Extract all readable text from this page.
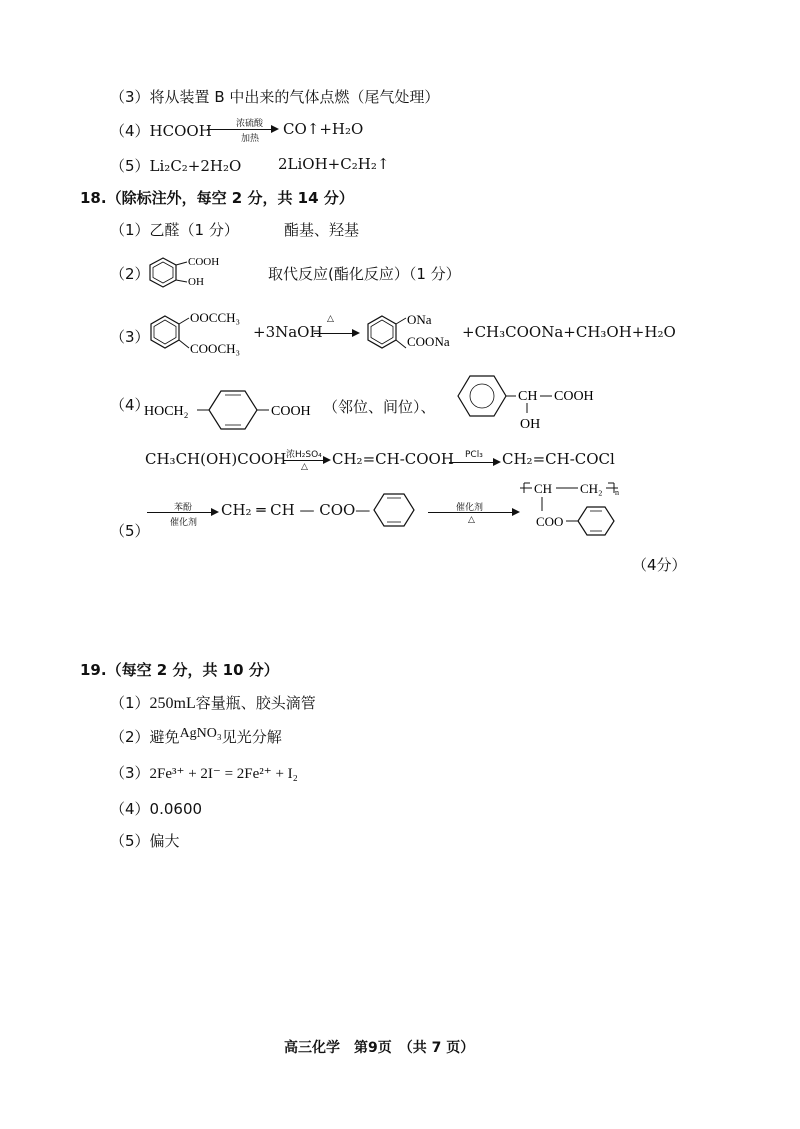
（3）将从装置 B 中出来的气体点燃（尾气处理）
（4）HCOOH	浓硫酸
加热
CO↑+H₂O
（5）Li₂C₂+2H₂O 2LiOH+C₂H₂↑
18.（除标注外，每空 2 分，共 14 分）
（1）乙醛（1 分）	酯基、羟基
（2）
COOH
OH	取代反应(酯化反应）（1 分）
（3）
OOCCH₃
COOCH₃
+3NaOH
△	ONa
COONa
+CH₃COONa+CH₃OH+H₂O
（4）
HOCH₂	COOH （邻位、间位）、
CH COOH
OH
CH₃CH(OH)COOH 浓H₂SO₄
△ CH₂=CH-COOH PCl₃ CH₂=CH-COCl
（5）
苯酚
催化剂
CH₂ ═ CH — COO—	催化剂
△
CH CH₂ n
COO
（4分）
19.（每空 2 分，共 10 分）
（1）250mL容量瓶、胶头滴管
（2）避免AgNO₃见光分解
（3）2Fe³⁺ + 2I⁻ = 2Fe²⁺ + I₂
（4）0.0600
（5）偏大
高三化学　第9页　（共 7 页）
